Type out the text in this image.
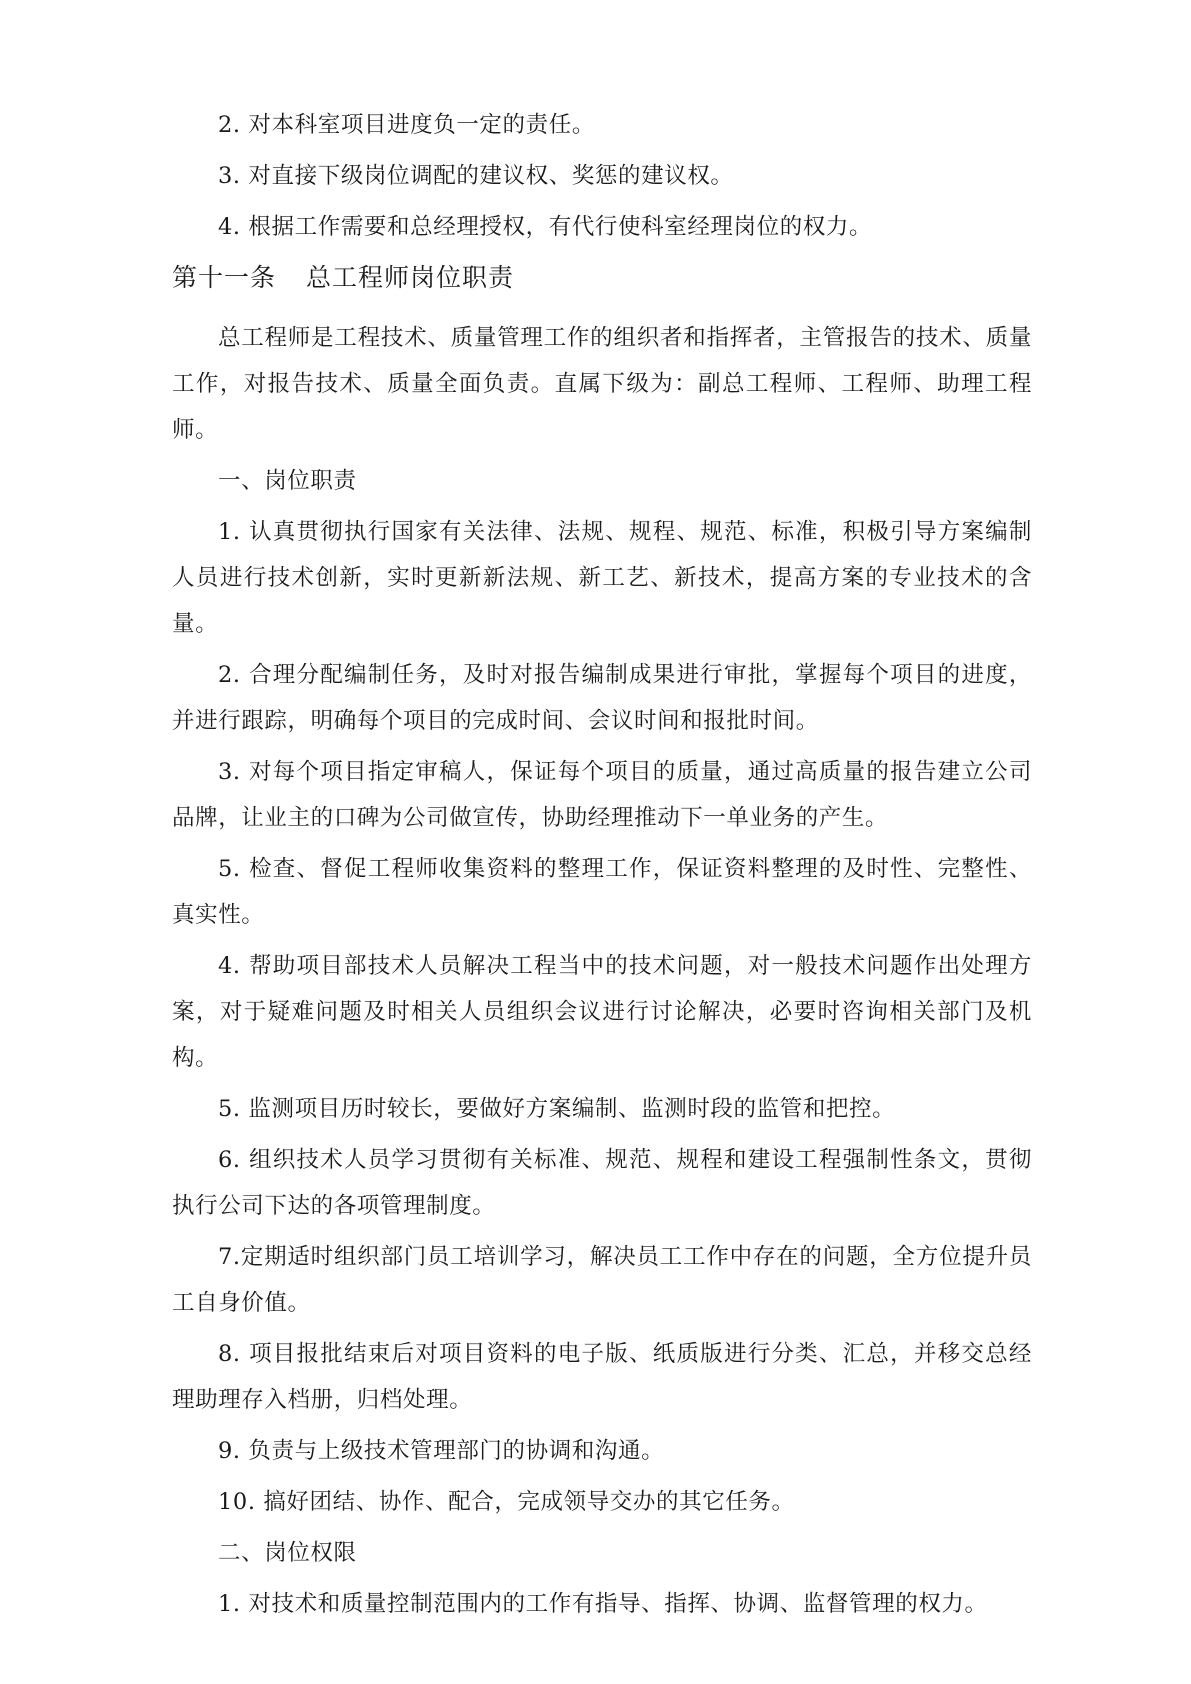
2. 对本科室项目进度负一定的责任。

3. 对直接下级岗位调配的建议权、奖惩的建议权。

4. 根据工作需要和总经理授权，有代行使科室经理岗位的权力。

第十一条 总工程师岗位职责

总工程师是工程技术、质量管理工作的组织者和指挥者，主管报告的技术、质量工作，对报告技术、质量全面负责。直属下级为：副总工程师、工程师、助理工程师。

一、岗位职责

1. 认真贯彻执行国家有关法律、法规、规程、规范、标准，积极引导方案编制人员进行技术创新，实时更新新法规、新工艺、新技术，提高方案的专业技术的含量。

2. 合理分配编制任务，及时对报告编制成果进行审批，掌握每个项目的进度，并进行跟踪，明确每个项目的完成时间、会议时间和报批时间。

3. 对每个项目指定审稿人，保证每个项目的质量，通过高质量的报告建立公司品牌，让业主的口碑为公司做宣传，协助经理推动下一单业务的产生。

5. 检查、督促工程师收集资料的整理工作，保证资料整理的及时性、完整性、真实性。

4. 帮助项目部技术人员解决工程当中的技术问题，对一般技术问题作出处理方案，对于疑难问题及时相关人员组织会议进行讨论解决，必要时咨询相关部门及机构。

5. 监测项目历时较长，要做好方案编制、监测时段的监管和把控。

6. 组织技术人员学习贯彻有关标准、规范、规程和建设工程强制性条文，贯彻执行公司下达的各项管理制度。

7.定期适时组织部门员工培训学习，解决员工工作中存在的问题，全方位提升员工自身价值。

8. 项目报批结束后对项目资料的电子版、纸质版进行分类、汇总，并移交总经理助理存入档册，归档处理。

9. 负责与上级技术管理部门的协调和沟通。

10. 搞好团结、协作、配合，完成领导交办的其它任务。

二、岗位权限

1. 对技术和质量控制范围内的工作有指导、指挥、协调、监督管理的权力。
